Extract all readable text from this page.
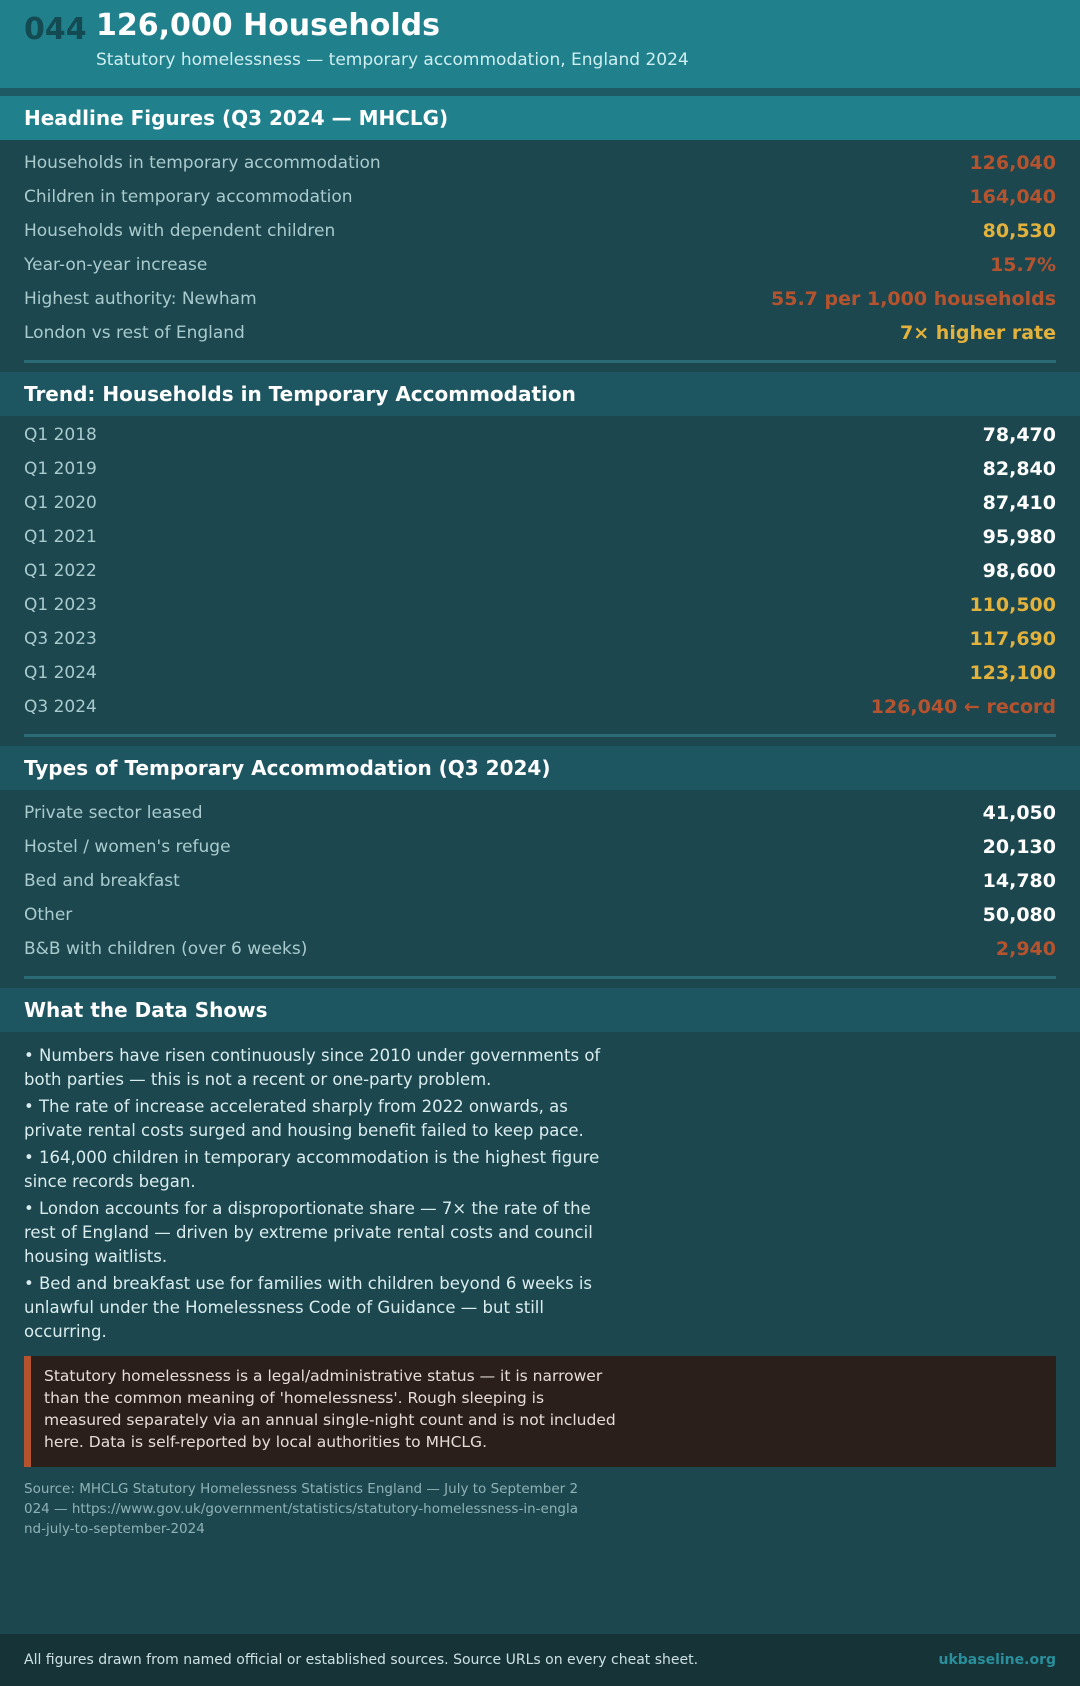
044 126,000 Households
Statutory homelessness — temporary accommodation, England 2024
Headline Figures (Q3 2024 — MHCLG)
Households in temporary accommodation	126,040
Children in temporary accommodation	164,040
Households with dependent children	80,530
Year-on-year increase	15.7%
Highest authority: Newham	55.7 per 1,000 households
London vs rest of England	7× higher rate
Trend: Households in Temporary Accommodation
Q1 2018	78,470
Q1 2019	82,840
Q1 2020	87,410
Q1 2021	95,980
Q1 2022	98,600
Q1 2023	110,500
Q3 2023	117,690
Q1 2024	123,100
Q3 2024	126,040 ← record
Types of Temporary Accommodation (Q3 2024)
Private sector leased	41,050
Hostel / women's refuge	20,130
Bed and breakfast	14,780
Other	50,080
B&B with children (over 6 weeks)	2,940
What the Data Shows
• Numbers have risen continuously since 2010 under governments of both parties — this is not a recent or one-party problem.
• The rate of increase accelerated sharply from 2022 onwards, as private rental costs surged and housing benefit failed to keep pace.
• 164,000 children in temporary accommodation is the highest figure since records began.
• London accounts for a disproportionate share — 7× the rate of the rest of England — driven by extreme private rental costs and council housing waitlists.
• Bed and breakfast use for families with children beyond 6 weeks is unlawful under the Homelessness Code of Guidance — but still occurring.
Statutory homelessness is a legal/administrative status — it is narrower than the common meaning of 'homelessness'. Rough sleeping is measured separately via an annual single-night count and is not included here. Data is self-reported by local authorities to MHCLG.
Source: MHCLG Statutory Homelessness Statistics England — July to September 2024 — https://www.gov.uk/government/statistics/statutory-homelessness-in-england-july-to-september-2024
All figures drawn from named official or established sources. Source URLs on every cheat sheet.	ukbaseline.org
